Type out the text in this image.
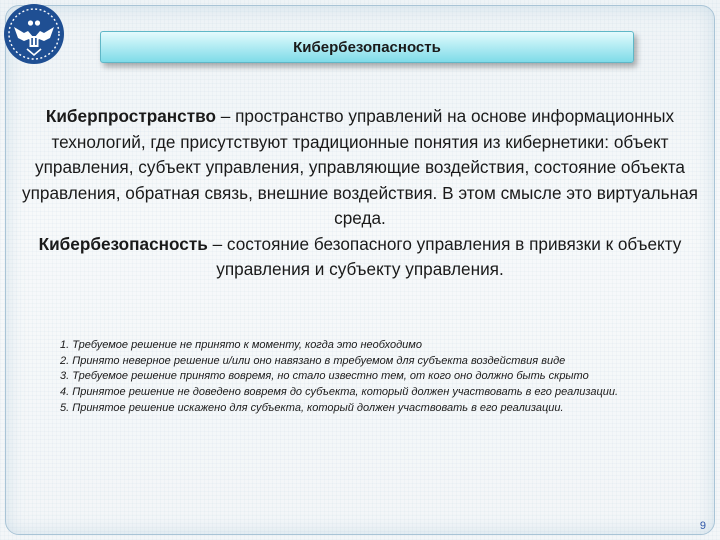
Кибербезопасность

Киберпространство – пространство управлений на основе информационных технологий, где присутствуют традиционные понятия из кибернетики: объект управления, субъект управления, управляющие воздействия, состояние объекта управления, обратная связь, внешние воздействия. В этом смысле это виртуальная среда.

Кибербезопасность – состояние безопасного управления в привязки к объекту управления и субъекту управления.

1. Требуемое решение не принято к моменту, когда это необходимо
2. Принято неверное решение и/или оно навязано в требуемом для субъекта воздействия виде
3. Требуемое решение принято вовремя, но стало известно тем, от кого оно должно быть скрыто
4. Принятое решение не доведено вовремя до субъекта, который должен участвовать в его реализации.
5. Принятое решение искажено для субъекта, который должен участвовать в его реализации.
9
